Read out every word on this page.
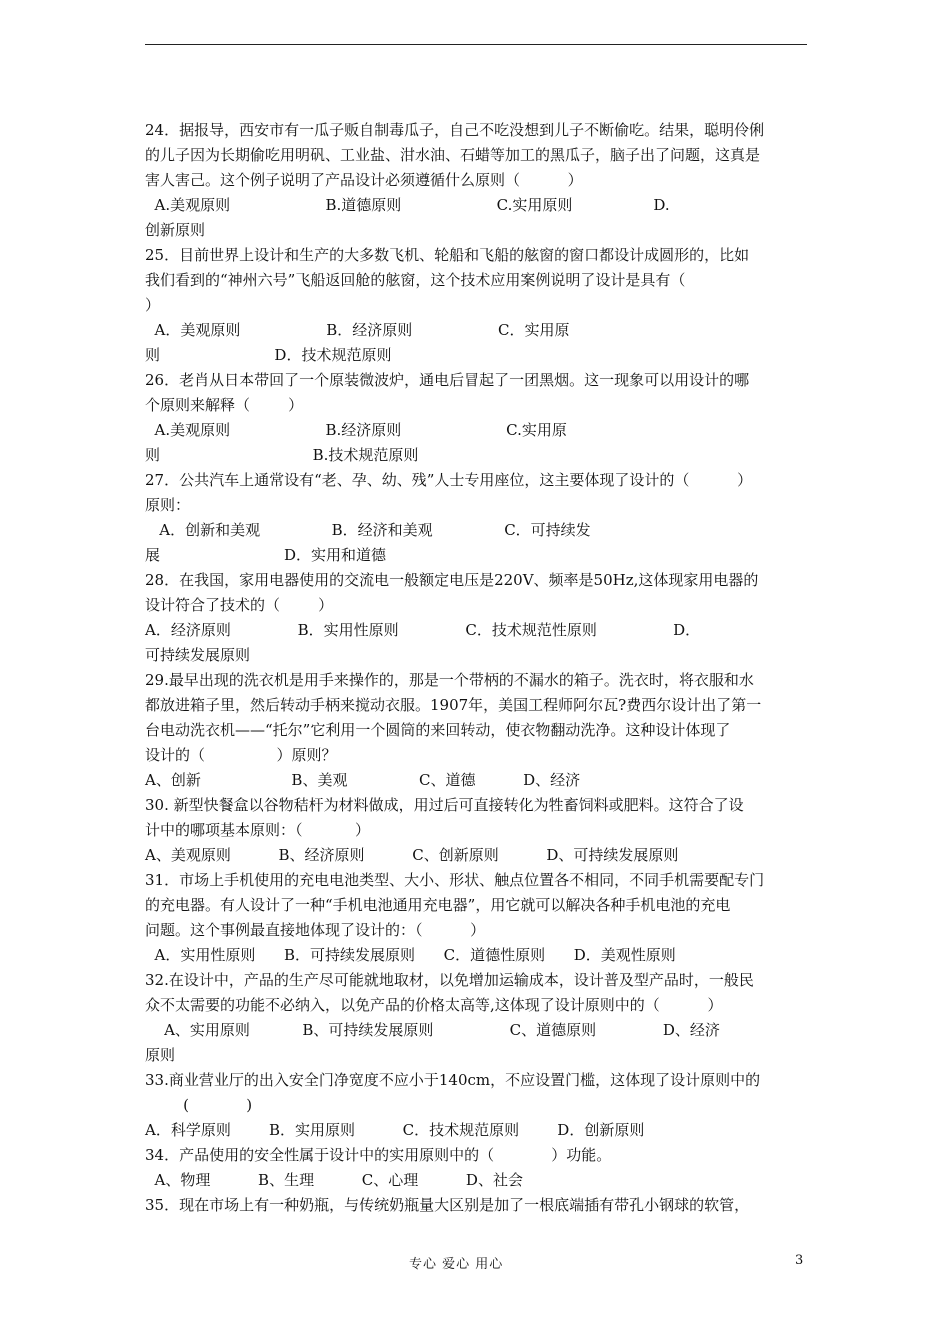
24．据报导，西安市有一瓜子贩自制毒瓜子，自己不吃没想到儿子不断偷吃。结果，聪明伶俐
的儿子因为长期偷吃用明矾、工业盐、泔水油、石蜡等加工的黑瓜子，脑子出了问题，这真是
害人害己。这个例子说明了产品设计必须遵循什么原则（          ）
A.美观原则                    B.道德原则                    C.实用原则                 D.
创新原则
25．目前世界上设计和生产的大多数飞机、轮船和飞船的舷窗的窗口都设计成圆形的，比如
我们看到的“神州六号”飞船返回舱的舷窗，这个技术应用案例说明了设计是具有（
）
A．美观原则                  B．经济原则                  C．实用原
则                        D．技术规范原则
26．老肖从日本带回了一个原装微波炉，通电后冒起了一团黑烟。这一现象可以用设计的哪
个原则来解释（        ）
A.美观原则                    B.经济原则                      C.实用原
则                                B.技术规范原则
27．公共汽车上通常设有“老、孕、幼、残”人士专用座位，这主要体现了设计的（          ）
原则：
A．创新和美观               B．经济和美观               C．可持续发
展                          D．实用和道德
28．在我国，家用电器使用的交流电一般额定电压是220V、频率是50Hz,这体现家用电器的
设计符合了技术的（        ）
A．经济原则              B．实用性原则              C．技术规范性原则                D．
可持续发展原则
29.最早出现的洗衣机是用手来操作的，那是一个带柄的不漏水的箱子。洗衣时，将衣服和水
都放进箱子里，然后转动手柄来搅动衣服。1907年，美国工程师阿尔瓦?费西尔设计出了第一
台电动洗衣机——“托尔”它利用一个圆筒的来回转动，使衣物翻动洗净。这种设计体现了
设计的（               ）原则？
A、创新                   B、美观               C、道德          D、经济
30. 新型快餐盒以谷物秸杆为材料做成，用过后可直接转化为牲畜饲料或肥料。这符合了设
计中的哪项基本原则：（           ）
A、美观原则          B、经济原则          C、创新原则          D、可持续发展原则
31．市场上手机使用的充电电池类型、大小、形状、触点位置各不相同，不同手机需要配专门
的充电器。有人设计了一种“手机电池通用充电器”，用它就可以解决各种手机电池的充电
问题。这个事例最直接地体现了设计的：（          ）
A．实用性原则      B．可持续发展原则      C．道德性原则      D．美观性原则
32.在设计中，产品的生产尽可能就地取材，以免增加运输成本，设计普及型产品时，一般民
众不太需要的功能不必纳入，以免产品的价格太高等,这体现了设计原则中的（          ）
A、实用原则           B、可持续发展原则                C、道德原则              D、经济
原则
33.商业营业厅的出入安全门净宽度不应小于140cm，不应设置门槛，这体现了设计原则中的
(            )
A．科学原则        B．实用原则          C．技术规范原则        D．创新原则
34．产品使用的安全性属于设计中的实用原则中的（            ）功能。
A、物理          B、生理          C、心理          D、社会
35．现在市场上有一种奶瓶，与传统奶瓶量大区别是加了一根底端插有带孔小钢球的软管，
专心 爱心 用心	3
